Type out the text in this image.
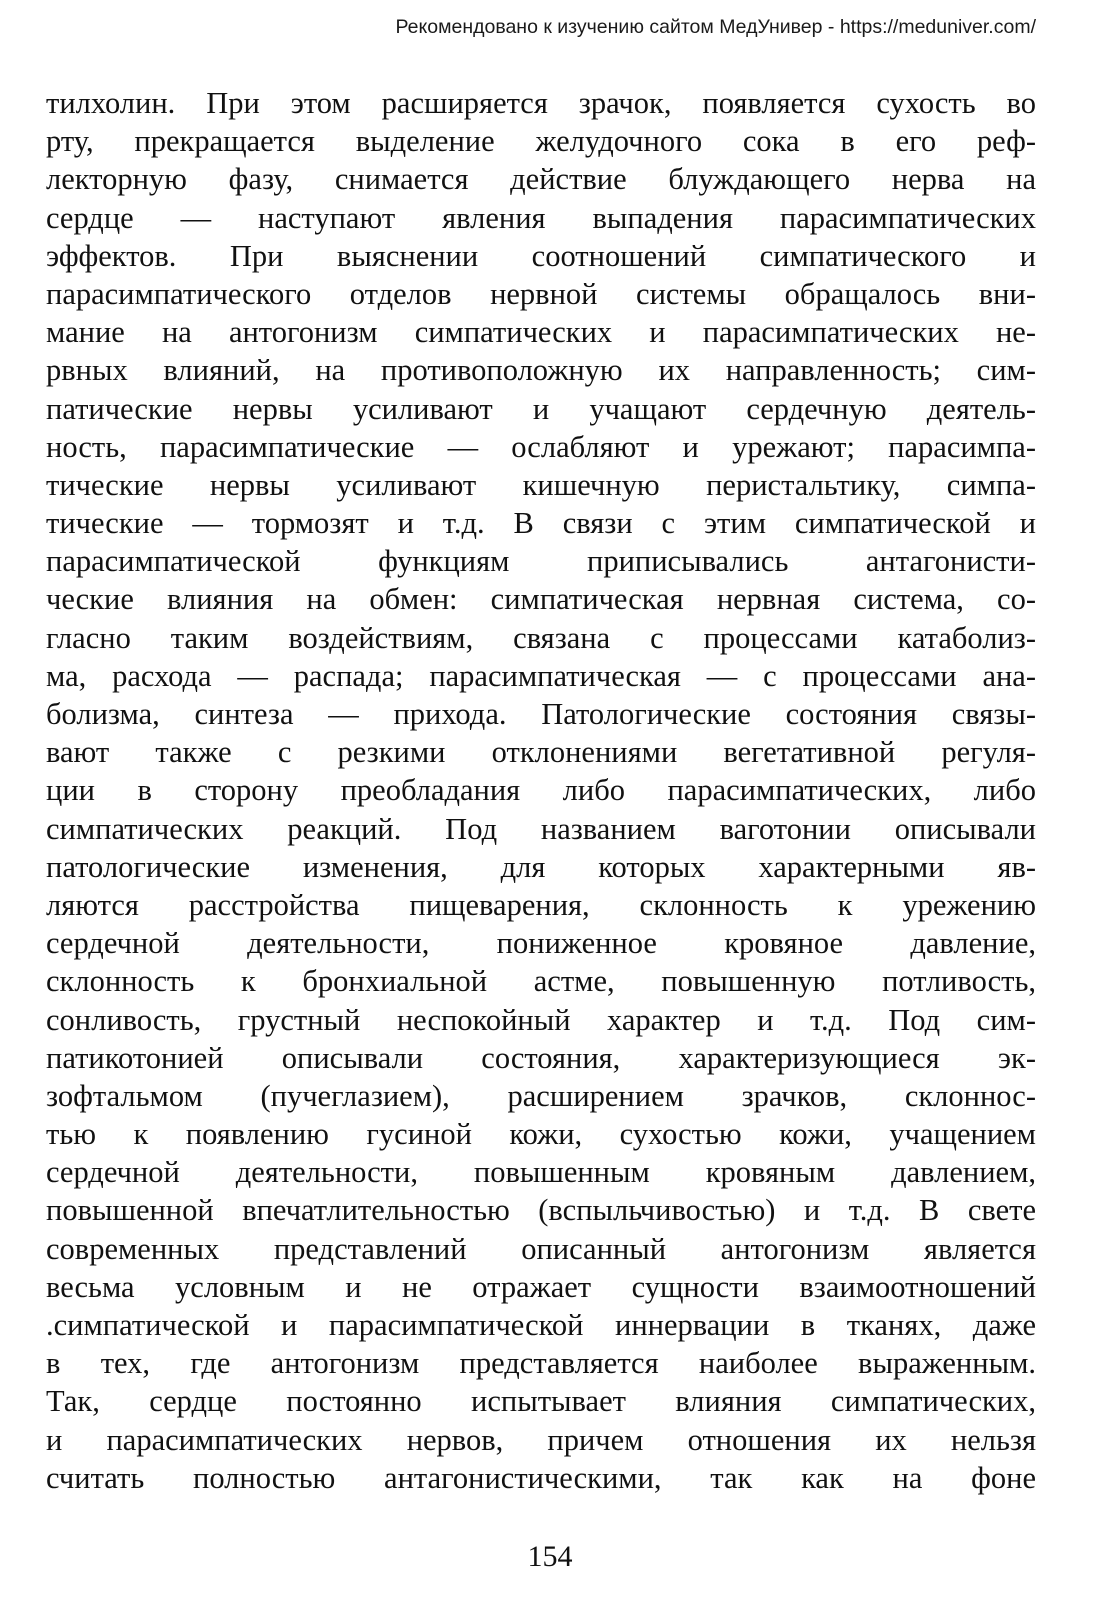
Рекомендовано к изучению сайтом МедУнивер - https://meduniver.com/
тилхолин. При этом расширяется зрачок, появляется сухость во
рту, прекращается выделение желудочного сока в его реф-
лекторную фазу, снимается действие блуждающего нерва на
сердце — наступают явления выпадения парасимпатических
эффектов. При выяснении соотношений симпатического и
парасимпатического отделов нервной системы обращалось вни-
мание на антогонизм симпатических и парасимпатических не-
рвных влияний, на противоположную их направленность; сим-
патические нервы усиливают и учащают сердечную деятель-
ность, парасимпатические — ослабляют и урежают; парасимпа-
тические нервы усиливают кишечную перистальтику, симпа-
тические — тормозят и т.д. В связи с этим симпатической и
парасимпатической функциям приписывались антагонисти-
ческие влияния на обмен: симпатическая нервная система, со-
гласно таким воздействиям, связана с процессами катаболиз-
ма, расхода — распада; парасимпатическая — с процессами ана-
болизма, синтеза — прихода. Патологические состояния связы-
вают также с резкими отклонениями вегетативной регуля-
ции в сторону преобладания либо парасимпатических, либо
симпатических реакций. Под названием ваготонии описывали
патологические изменения, для которых характерными яв-
ляются расстройства пищеварения, склонность к урежению
сердечной деятельности, пониженное кровяное давление,
склонность к бронхиальной астме, повышенную потливость,
сонливость, грустный неспокойный характер и т.д. Под сим-
патикотонией описывали состояния, характеризующиеся эк-
зофтальмом (пучеглазием), расширением зрачков, склоннос-
тью к появлению гусиной кожи, сухостью кожи, учащением
сердечной деятельности, повышенным кровяным давлением,
повышенной впечатлительностью (вспыльчивостью) и т.д. В свете
современных представлений описанный антогонизм является
весьма условным и не отражает сущности взаимоотношений
.симпатической и парасимпатической иннервации в тканях, даже
в тех, где антогонизм представляется наиболее выраженным.
Так, сердце постоянно испытывает влияния симпатических,
и парасимпатических нервов, причем отношения их нельзя
считать полностью антагонистическими, так как на фоне
154
